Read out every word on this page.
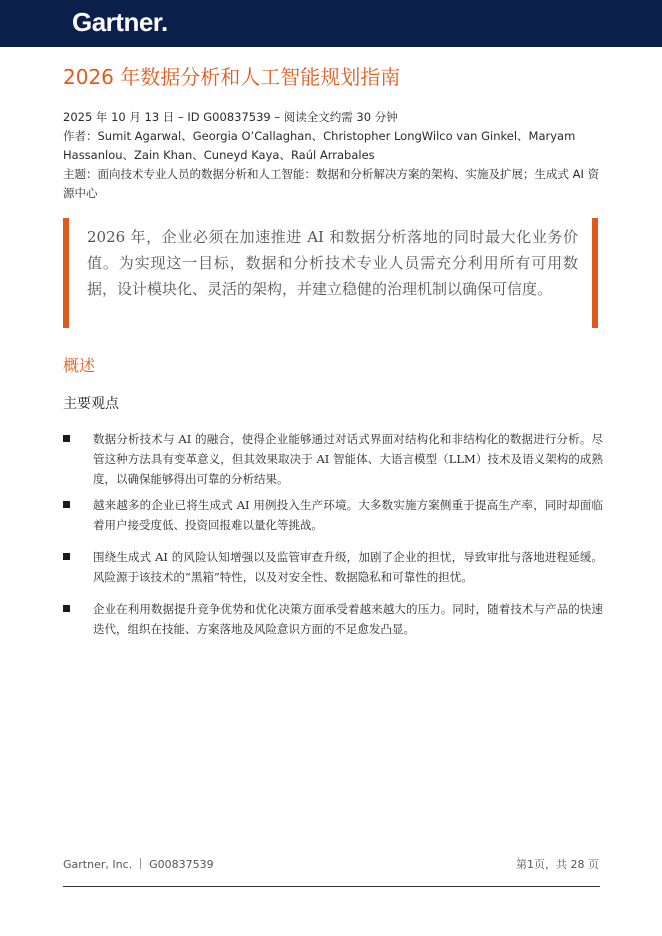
Gartner.
2026 年数据分析和人工智能规划指南
2025 年 10 月 13 日 – ID G00837539 – 阅读全文约需 30 分钟
作者：Sumit Agarwal、Georgia O’Callaghan、Christopher LongWilco van Ginkel、Maryam Hassanlou、Zain Khan、Cuneyd Kaya、Raúl Arrabales
主题：面向技术专业人员的数据分析和人工智能：数据和分析解决方案的架构、实施及扩展；生成式 AI 资源中心
2026 年，企业必须在加速推进 AI 和数据分析落地的同时最大化业务价值。为实现这一目标，数据和分析技术专业人员需充分利用所有可用数据，设计模块化、灵活的架构，并建立稳健的治理机制以确保可信度。
概述
主要观点
数据分析技术与 AI 的融合，使得企业能够通过对话式界面对结构化和非结构化的数据进行分析。尽管这种方法具有变革意义，但其效果取决于 AI 智能体、大语言模型（LLM）技术及语义架构的成熟度，以确保能够得出可靠的分析结果。
越来越多的企业已将生成式 AI 用例投入生产环境。大多数实施方案侧重于提高生产率，同时却面临着用户接受度低、投资回报难以量化等挑战。
围绕生成式 AI 的风险认知增强以及监管审查升级，加剧了企业的担忧，导致审批与落地进程延缓。风险源于该技术的“黑箱”特性，以及对安全性、数据隐私和可靠性的担忧。
企业在利用数据提升竞争优势和优化决策方面承受着越来越大的压力。同时，随着技术与产品的快速迭代，组织在技能、方案落地及风险意识方面的不足愈发凸显。
Gartner, Inc. G00837539	第1页，共 28 页
